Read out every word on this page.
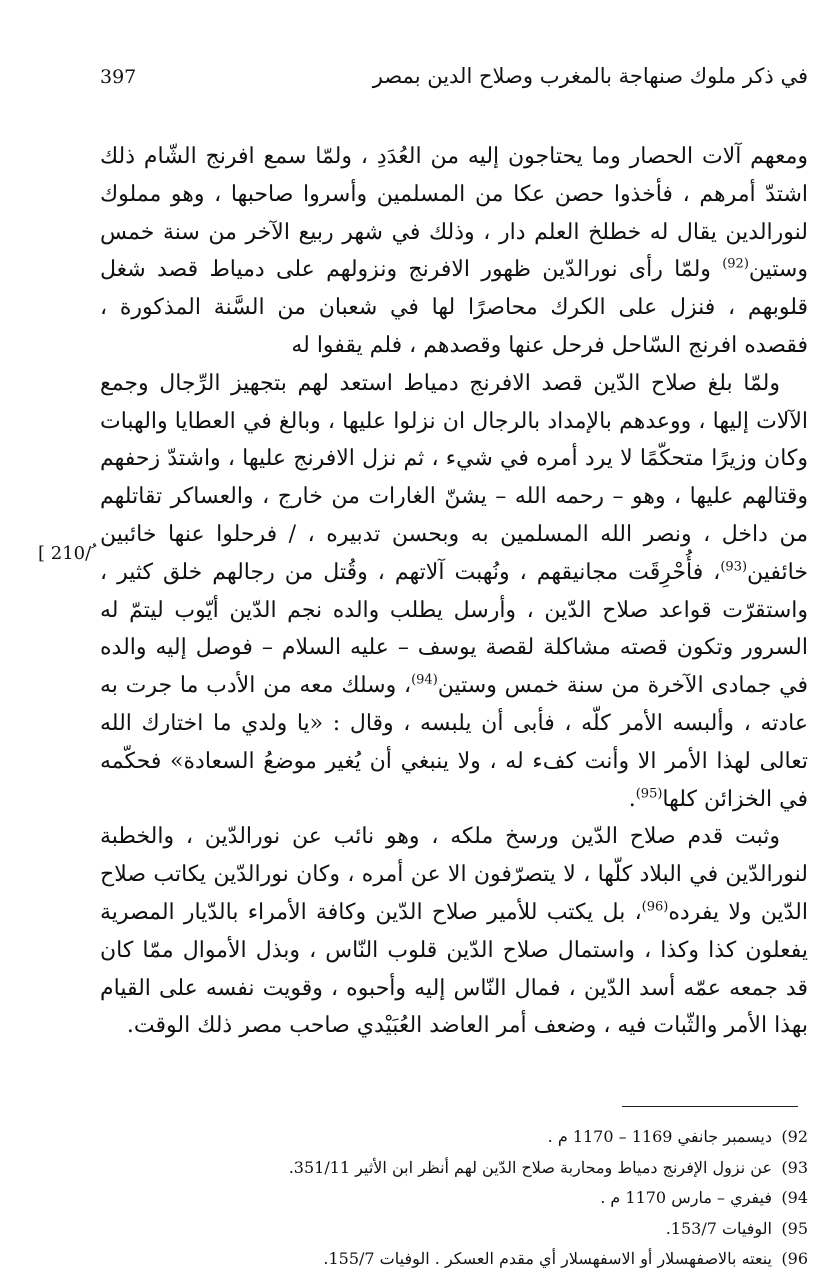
في ذكر ملوك صنهاجة بالمغرب وصلاح الدين بمصر
397
[ 210/ ُ

ومعهم آلات الحصار وما يحتاجون إليه من العُدَدِ ، ولمّا سمع افرنج الشّام ذلك اشتدّ أمرهم ، فأخذوا حصن عكا من المسلمين وأسروا صاحبها ، وهو مملوك لنورالدين يقال له خطلخ العلم دار ، وذلك في شهر ربيع الآخر من سنة خمس وستين$^{(92)}$ ولمّا رأى نورالدّين ظهور الافرنج ونزولهم على دمياط قصد شغل قلوبهم ، فنزل على الكرك محاصرًا لها في شعبان من السَّنة المذكورة ، فقصده افرنج السّاحل فرحل عنها وقصدهم ، فلم يقفوا له

ولمّا بلغ صلاح الدّين قصد الافرنج دمياط استعد لهم بتجهيز الرِّجال وجمع الآلات إليها ، ووعدهم بالإمداد بالرجال ان نزلوا عليها ، وبالغ في العطايا والهبات وكان وزيرًا متحكّمًا لا يرد أمره في شيء ، ثم نزل الافرنج عليها ، واشتدّ زحفهم وقتالهم عليها ، وهو – رحمه الله – يشنّ الغارات من خارج ، والعساكر تقاتلهم من داخل ، ونصر الله المسلمين به وبحسن تدبيره ، / فرحلوا عنها خائبين خائفين$^{(93)}$، فأُحْرِقَت مجانيقهم ، ونُهبت آلاتهم ، وقُتل من رجالهم خلق كثير ، واستقرّت قواعد صلاح الدّين ، وأرسل يطلب والده نجم الدّين أيّوب ليتمّ له السرور وتكون قصته مشاكلة لقصة يوسف – عليه السلام – فوصل إليه والده في جمادى الآخرة من سنة خمس وستين$^{(94)}$، وسلك معه من الأدب ما جرت به عادته ، وألبسه الأمر كلّه ، فأبى أن يلبسه ، وقال : «يا ولدي ما اختارك الله تعالى لهذا الأمر الا وأنت كفء له ، ولا ينبغي أن يُغير موضعُ السعادة» فحكّمه في الخزائن كلها$^{(95)}$.

وثبت قدم صلاح الدّين ورسخ ملكه ، وهو نائب عن نورالدّين ، والخطبة لنورالدّين في البلاد كلّها ، لا يتصرّفون الا عن أمره ، وكان نورالدّين يكاتب صلاح الدّين ولا يفرده$^{(96)}$، بل يكتب للأمير صلاح الدّين وكافة الأمراء بالدّيار المصرية يفعلون كذا وكذا ، واستمال صلاح الدّين قلوب النّاس ، وبذل الأموال ممّا كان قد جمعه عمّه أسد الدّين ، فمال النّاس إليه وأحبوه ، وقويت نفسه على القيام بهذا الأمر والثّبات فيه ، وضعف أمر العاضد العُبَيْدي صاحب مصر ذلك الوقت.

(92ديسمبر جانفي 1169 – 1170 م .
(93عن نزول الإفرنج دمياط ومحاربة صلاح الدّين لهم أنظر ابن الأثير 351/11.
(94فيفري – مارس 1170 م .
(95الوفيات 153/7.
(96ينعته بالاصفهسلار أو الاسفهسلار أي مقدم العسكر . الوفيات 155/7.
